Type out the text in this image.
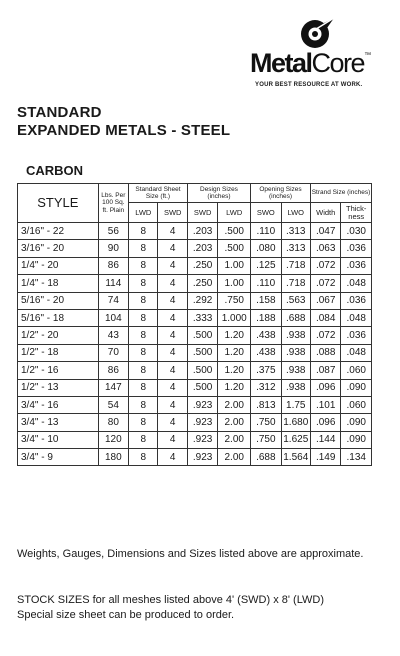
MetalCore™
YOUR BEST RESOURCE AT WORK.
STANDARD
EXPANDED METALS - STEEL
CARBON
STYLE	Lbs. Per 100 Sq. ft. Plain	Standard Sheet Size (ft.)		Design Sizes (inches)		Opening Sizes (inches)		Strand Size (inches)	
		LWD	SWD	SWD	LWD	SWO	LWO	Width	Thick-ness
3/16" - 22	56	8	4	.203	.500	.110	.313	.047	.030
3/16" - 20	90	8	4	.203	.500	.080	.313	.063	.036
1/4" - 20	86	8	4	.250	1.00	.125	.718	.072	.036
1/4" - 18	114	8	4	.250	1.00	.110	.718	.072	.048
5/16" - 20	74	8	4	.292	.750	.158	.563	.067	.036
5/16" - 18	104	8	4	.333	1.000	.188	.688	.084	.048
1/2" - 20	43	8	4	.500	1.20	.438	.938	.072	.036
1/2" - 18	70	8	4	.500	1.20	.438	.938	.088	.048
1/2" - 16	86	8	4	.500	1.20	.375	.938	.087	.060
1/2" - 13	147	8	4	.500	1.20	.312	.938	.096	.090
3/4" - 16	54	8	4	.923	2.00	.813	1.75	.101	.060
3/4" - 13	80	8	4	.923	2.00	.750	1.680	.096	.090
3/4" - 10	120	8	4	.923	2.00	.750	1.625	.144	.090
3/4" - 9	180	8	4	.923	2.00	.688	1.564	.149	.134
Weights, Gauges, Dimensions and Sizes listed above are approximate.
STOCK SIZES for all meshes listed above 4' (SWD) x 8' (LWD)
Special size sheet can be produced to order.
